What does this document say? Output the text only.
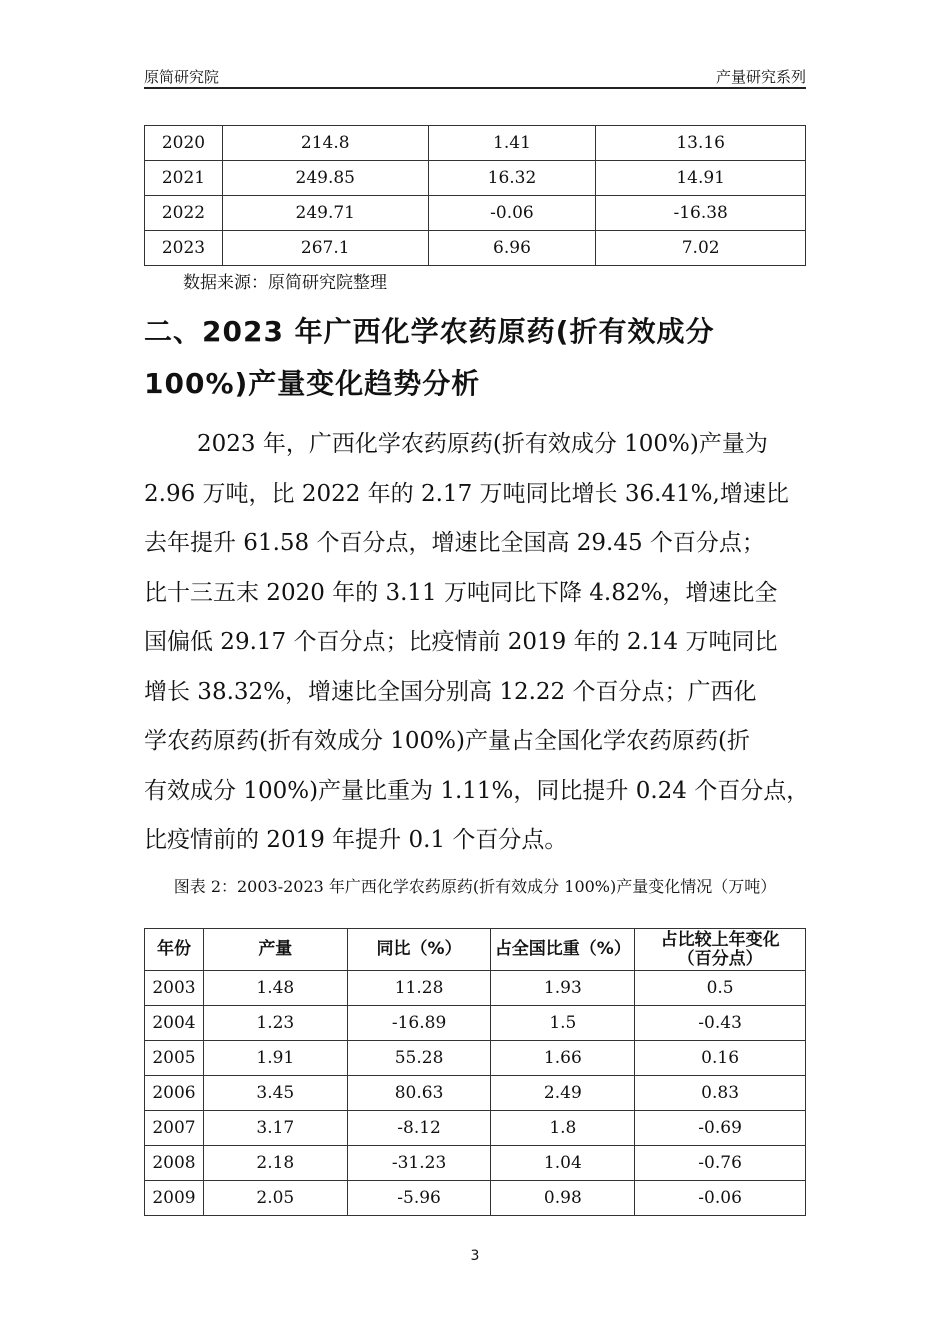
原简研究院	产量研究系列
2020	214.8	1.41	13.16
2021	249.85	16.32	14.91
2022	249.71	-0.06	-16.38
2023	267.1	6.96	7.02
数据来源：原简研究院整理
二、2023 年广西化学农药原药(折有效成分
100%)产量变化趋势分析
2023 年，广西化学农药原药(折有效成分 100%)产量为
2.96 万吨，比 2022 年的 2.17 万吨同比增长 36.41%,增速比
去年提升 61.58 个百分点，增速比全国高 29.45 个百分点；
比十三五末 2020 年的 3.11 万吨同比下降 4.82%，增速比全
国偏低 29.17 个百分点；比疫情前 2019 年的 2.14 万吨同比
增长 38.32%，增速比全国分别高 12.22 个百分点；广西化
学农药原药(折有效成分 100%)产量占全国化学农药原药(折
有效成分 100%)产量比重为 1.11%，同比提升 0.24 个百分点，
比疫情前的 2019 年提升 0.1 个百分点。
图表 2：2003-2023 年广西化学农药原药(折有效成分 100%)产量变化情况（万吨）
年份	产量	同比（%）	占全国比重（%）	占比较上年变化（百分点）
2003	1.48	11.28	1.93	0.5
2004	1.23	-16.89	1.5	-0.43
2005	1.91	55.28	1.66	0.16
2006	3.45	80.63	2.49	0.83
2007	3.17	-8.12	1.8	-0.69
2008	2.18	-31.23	1.04	-0.76
2009	2.05	-5.96	0.98	-0.06
3
